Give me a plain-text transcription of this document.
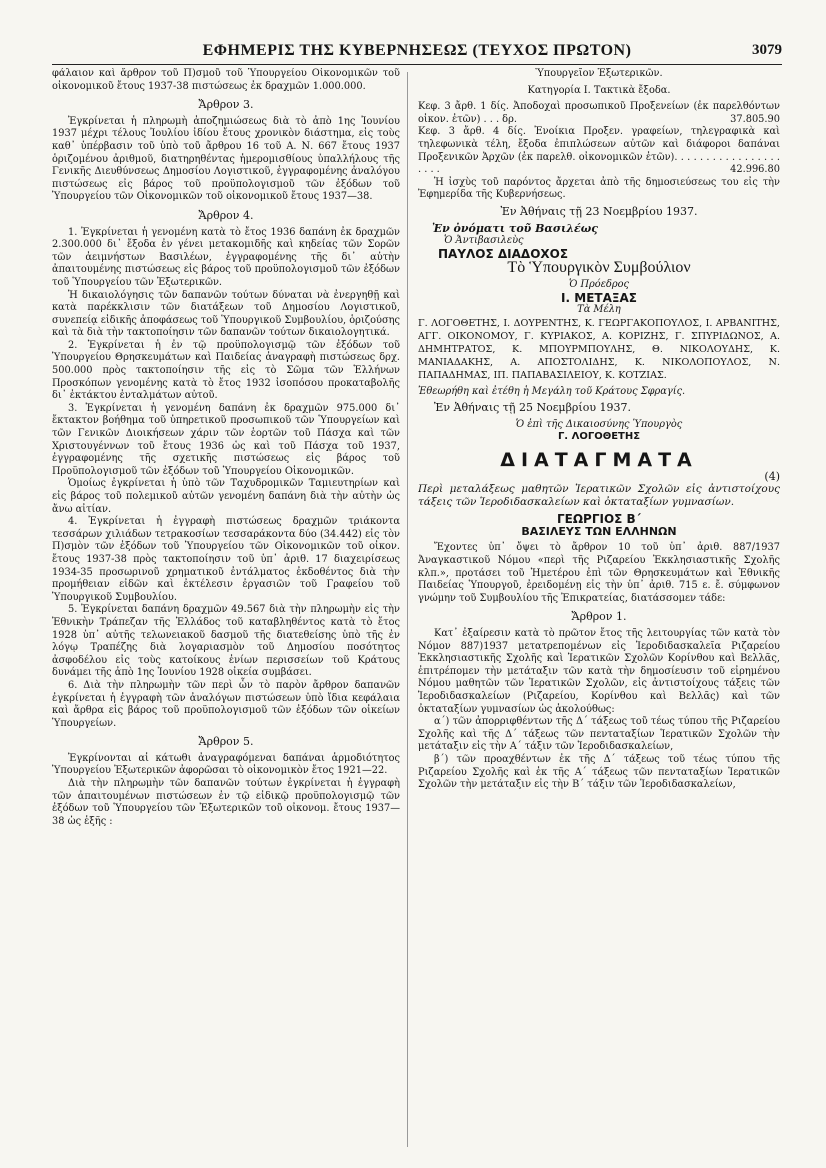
ΕΦΗΜΕΡΙΣ ΤΗΣ ΚΥΒΕΡΝΗΣΕΩΣ (ΤΕΥΧΟΣ ΠΡΩΤΟΝ)	3079

φάλαιον καὶ ἄρθρον τοῦ Π)σμοῦ τοῦ Ὑπουργείου Οἰκονομικῶν τοῦ οἰκονομικοῦ ἔτους 1937-38 πιστώσεως ἐκ δραχμῶν 1.000.000.

Ἄρθρον 3.

Ἐγκρίνεται ἡ πληρωμὴ ἀποζημιώσεως διὰ τὸ ἀπὸ 1ης Ἰουνίου 1937 μέχρι τέλους Ἰουλίου ἰδίου ἔτους χρονικὸν διάστημα, εἰς τοὺς καθ᾽ ὑπέρβασιν τοῦ ὑπὸ τοῦ ἄρθρου 16 τοῦ Α. Ν. 667 ἔτους 1937 ὁριζομένου ἀριθμοῦ, διατηρηθέντας ἡμερομισθίους ὑπαλλήλους τῆς Γενικῆς Διευθύνσεως Δημοσίου Λογιστικοῦ, ἐγγραφομένης ἀναλόγου πιστώσεως εἰς βάρος τοῦ προϋπολογισμοῦ τῶν ἐξόδων τοῦ Ὑπουργείου τῶν Οἰκονομικῶν τοῦ οἰκονομικοῦ ἔτους 1937—38.

Ἄρθρον 4.

1. Ἐγκρίνεται ἡ γενομένη κατὰ τὸ ἔτος 1936 δαπάνη ἐκ δραχμῶν 2.300.000 δι᾽ ἔξοδα ἐν γένει μετακομιδῆς καὶ κηδείας τῶν Σορῶν τῶν ἀειμνήστων Βασιλέων, ἐγγραφομένης τῆς δι᾽ αὐτὴν ἀπαιτουμένης πιστώσεως εἰς βάρος τοῦ προϋπολογισμοῦ τῶν ἐξόδων τοῦ Ὑπουργείου τῶν Ἐξωτερικῶν.

Ἡ δικαιολόγησις τῶν δαπανῶν τούτων δύναται νὰ ἐνεργηθῇ καὶ κατὰ παρέκκλισιν τῶν διατάξεων τοῦ Δημοσίου Λογιστικοῦ, συνεπείᾳ εἰδικῆς ἀποφάσεως τοῦ Ὑπουργικοῦ Συμβουλίου, ὁριζούσης καὶ τὰ διὰ τὴν τακτοποίησιν τῶν δαπανῶν τούτων δικαιολογητικά.

2. Ἐγκρίνεται ἡ ἐν τῷ προϋπολογισμῷ τῶν ἐξόδων τοῦ Ὑπουργείου Θρησκευμάτων καὶ Παιδείας ἀναγραφὴ πιστώσεως δρχ. 500.000 πρὸς τακτοποίησιν τῆς εἰς τὸ Σῶμα τῶν Ἑλλήνων Προσκόπων γενομένης κατὰ τὸ ἔτος 1932 ἰσοπόσου προκαταβολῆς δι᾽ ἐκτάκτου ἐνταλμάτων αὐτοῦ.

3. Ἐγκρίνεται ἡ γενομένη δαπάνη ἐκ δραχμῶν 975.000 δι᾽ ἔκτακτον βοήθημα τοῦ ὑπηρετικοῦ προσωπικοῦ τῶν Ὑπουργείων καὶ τῶν Γενικῶν Διοικήσεων χάριν τῶν ἑορτῶν τοῦ Πάσχα καὶ τῶν Χριστουγέννων τοῦ ἔτους 1936 ὡς καὶ τοῦ Πάσχα τοῦ 1937, ἐγγραφομένης τῆς σχετικῆς πιστώσεως εἰς βάρος τοῦ Προϋπολογισμοῦ τῶν ἐξόδων τοῦ Ὑπουργείου Οἰκονομικῶν.

Ὁμοίως ἐγκρίνεται ἡ ὑπὸ τῶν Ταχυδρομικῶν Ταμιευτηρίων καὶ εἰς βάρος τοῦ πολεμικοῦ αὐτῶν γενομένη δαπάνη διὰ τὴν αὐτὴν ὡς ἄνω αἰτίαν.

4. Ἐγκρίνεται ἡ ἐγγραφὴ πιστώσεως δραχμῶν τριάκοντα τεσσάρων χιλιάδων τετρακοσίων τεσσαράκοντα δύο (34.442) εἰς τὸν Π)σμὸν τῶν ἐξόδων τοῦ Ὑπουργείου τῶν Οἰκονομικῶν τοῦ οἰκον. ἔτους 1937-38 πρὸς τακτοποίησιν τοῦ ὑπ᾽ ἀριθ. 17 διαχειρίσεως 1934-35 προσωρινοῦ χρηματικοῦ ἐντάλματος ἐκδοθέντος διὰ τὴν προμήθειαν εἰδῶν καὶ ἐκτέλεσιν ἐργασιῶν τοῦ Γραφείου τοῦ Ὑπουργικοῦ Συμβουλίου.

5. Ἐγκρίνεται δαπάνη δραχμῶν 49.567 διὰ τὴν πληρωμὴν εἰς τὴν Ἐθνικὴν Τράπεζαν τῆς Ἑλλάδος τοῦ καταβληθέντος κατὰ τὸ ἔτος 1928 ὑπ᾽ αὐτῆς τελωνειακοῦ δασμοῦ τῆς διατεθείσης ὑπὸ τῆς ἐν λόγῳ Τραπέζης διὰ λογαριασμὸν τοῦ Δημοσίου ποσότητος ἀσφοδέλου εἰς τοὺς κατοίκους ἐνίων περισσείων τοῦ Κράτους δυνάμει τῆς ἀπὸ 1ης Ἰουνίου 1928 οἰκεία συμβάσει.

6. Διὰ τὴν πληρωμὴν τῶν περὶ ὧν τὸ παρὸν ἄρθρον δαπανῶν ἐγκρίνεται ἡ ἐγγραφὴ τῶν ἀναλόγων πιστώσεων ὑπὸ ἴδια κεφάλαια καὶ ἄρθρα εἰς βάρος τοῦ προϋπολογισμοῦ τῶν ἐξόδων τῶν οἰκείων Ὑπουργείων.

Ἄρθρον 5.

Ἐγκρίνονται αἱ κάτωθι ἀναγραφόμεναι δαπάναι ἁρμοδιότητος Ὑπουργείου Ἐξωτερικῶν ἀφορῶσαι τὸ οἰκονομικὸν ἔτος 1921—22.

Διὰ τὴν πληρωμὴν τῶν δαπανῶν τούτων ἐγκρίνεται ἡ ἐγγραφὴ τῶν ἀπαιτουμένων πιστώσεων ἐν τῷ εἰδικῷ προϋπολογισμῷ τῶν ἐξόδων τοῦ Ὑπουργείου τῶν Ἐξωτερικῶν τοῦ οἰκονομ. ἔτους 1937—38 ὡς ἑξῆς :

Ὑπουργεῖον Ἐξωτερικῶν.

Κατηγορία Ι. Τακτικὰ ἔξοδα.

Κεφ. 3 ἄρθ. 1 δίς. Ἀποδοχαὶ προσωπικοῦ Προξενείων (ἐκ παρελθόντων οἰκον. ἐτῶν) . . . δρ.	37.805.90
Κεφ. 3 ἄρθ. 4 δίς. Ἐνοίκια Προξεν. γραφείων, τηλεγραφικὰ καὶ τηλεφωνικὰ τέλη, ἔξοδα ἐπιπλώσεων αὐτῶν καὶ διάφοροι δαπάναι Προξενικῶν Ἀρχῶν (ἐκ παρελθ. οἰκονομικῶν ἐτῶν). . . . . . . . . . . . . . . . . . . . .	42.996.80

Ἡ ἰσχὺς τοῦ παρόντος ἄρχεται ἀπὸ τῆς δημοσιεύσεως του εἰς τὴν Ἐφημερίδα τῆς Κυβερνήσεως.

Ἐν Ἀθήναις τῇ 23 Νοεμβρίου 1937.

Ἐν ὀνόματι τοῦ Βασιλέως

Ὁ Ἀντιβασιλεὺς

ΠΑΥΛΟΣ ΔΙΑΔΟΧΟΣ

Τὸ Ὑπουργικὸν Συμβούλιον

Ὁ Πρόεδρος

Ι. ΜΕΤΑΞΑΣ

Τὰ Μέλη

Γ. ΛΟΓΟΘΕΤΗΣ, Ι. ΔΟΥΡΕΝΤΗΣ, Κ. ΓΕΩΡΓΑΚΟΠΟΥΛΟΣ, Ι. ΑΡΒΑΝΙΤΗΣ, ΑΓΓ. ΟΙΚΟΝΟΜΟΥ, Γ. ΚΥΡΙΑΚΟΣ, Α. ΚΟΡΙΖΗΣ, Γ. ΣΠΥΡΙΔΩΝΟΣ, Α. ΔΗΜΗΤΡΑΤΟΣ, Κ. ΜΠΟΥΡΜΠΟΥΛΗΣ, Θ. ΝΙΚΟΛΟΥΔΗΣ, Κ. ΜΑΝΙΑΔΑΚΗΣ, Α. ΑΠΟΣΤΟΛΙΔΗΣ, Κ. ΝΙΚΟΛΟΠΟΥΛΟΣ, Ν. ΠΑΠΑΔΗΜΑΣ, ΙΠ. ΠΑΠΑΒΑΣΙΛΕΙΟΥ, Κ. ΚΟΤΖΙΑΣ.

Ἐθεωρήθη καὶ ἐτέθη ἡ Μεγάλη τοῦ Κράτους Σφραγίς.

Ἐν Ἀθήναις τῇ 25 Νοεμβρίου 1937.

Ὁ ἐπὶ τῆς Δικαιοσύνης Ὑπουργὸς

Γ. ΛΟΓΟΘΕΤΗΣ

ΔΙΑΤΑΓΜΑΤΑ

(4)

Περὶ μεταλάξεως μαθητῶν Ἱερατικῶν Σχολῶν εἰς ἀντιστοίχους τάξεις τῶν Ἱεροδιδασκαλείων καὶ ὀκταταξίων γυμνασίων.

ΓΕΩΡΓΙΟΣ Β΄

ΒΑΣΙΛΕΥΣ ΤΩΝ ΕΛΛΗΝΩΝ

Ἔχοντες ὑπ᾽ ὄψει τὸ ἄρθρον 10 τοῦ ὑπ᾽ ἀριθ. 887/1937 Ἀναγκαστικοῦ Νόμου «περὶ τῆς Ριζαρείου Ἐκκλησιαστικῆς Σχολῆς κλπ.», προτάσει τοῦ Ἡμετέρου ἐπὶ τῶν Θρησκευμάτων καὶ Ἐθνικῆς Παιδείας Ὑπουργοῦ, ἐρειδομένῃ εἰς τὴν ὑπ᾽ ἀριθ. 715 ε. ἔ. σύμφωνον γνώμην τοῦ Συμβουλίου τῆς Ἐπικρατείας, διατάσσομεν τάδε:

Ἄρθρον 1.

Κατ᾽ ἐξαίρεσιν κατὰ τὸ πρῶτον ἔτος τῆς λειτουργίας τῶν κατὰ τὸν Νόμον 887)1937 μετατρεπομένων εἰς Ἱεροδιδασκαλεῖα Ριζαρείου Ἐκκλησιαστικῆς Σχολῆς καὶ Ἱερατικῶν Σχολῶν Κορίνθου καὶ Βελλᾶς, ἐπιτρέπομεν τὴν μετάταξιν τῶν κατὰ τὴν δημοσίευσιν τοῦ εἰρημένου Νόμου μαθητῶν τῶν Ἱερατικῶν Σχολῶν, εἰς ἀντιστοίχους τάξεις τῶν Ἱεροδιδασκαλείων (Ριζαρείου, Κορίνθου καὶ Βελλᾶς) καὶ τῶν ὀκταταξίων γυμνασίων ὡς ἀκολούθως:

α΄) τῶν ἀπορριφθέντων τῆς Δ΄ τάξεως τοῦ τέως τύπου τῆς Ριζαρείου Σχολῆς καὶ τῆς Δ΄ τάξεως τῶν πενταταξίων Ἱερατικῶν Σχολῶν τὴν μετάταξιν εἰς τὴν Α΄ τάξιν τῶν Ἱεροδιδασκαλείων,

β΄) τῶν προαχθέντων ἐκ τῆς Δ΄ τάξεως τοῦ τέως τύπου τῆς Ριζαρείου Σχολῆς καὶ ἐκ τῆς Α΄ τάξεως τῶν πενταταξίων Ἱερατικῶν Σχολῶν τὴν μετάταξιν εἰς τὴν Β΄ τάξιν τῶν Ἱεροδιδασκαλείων,
